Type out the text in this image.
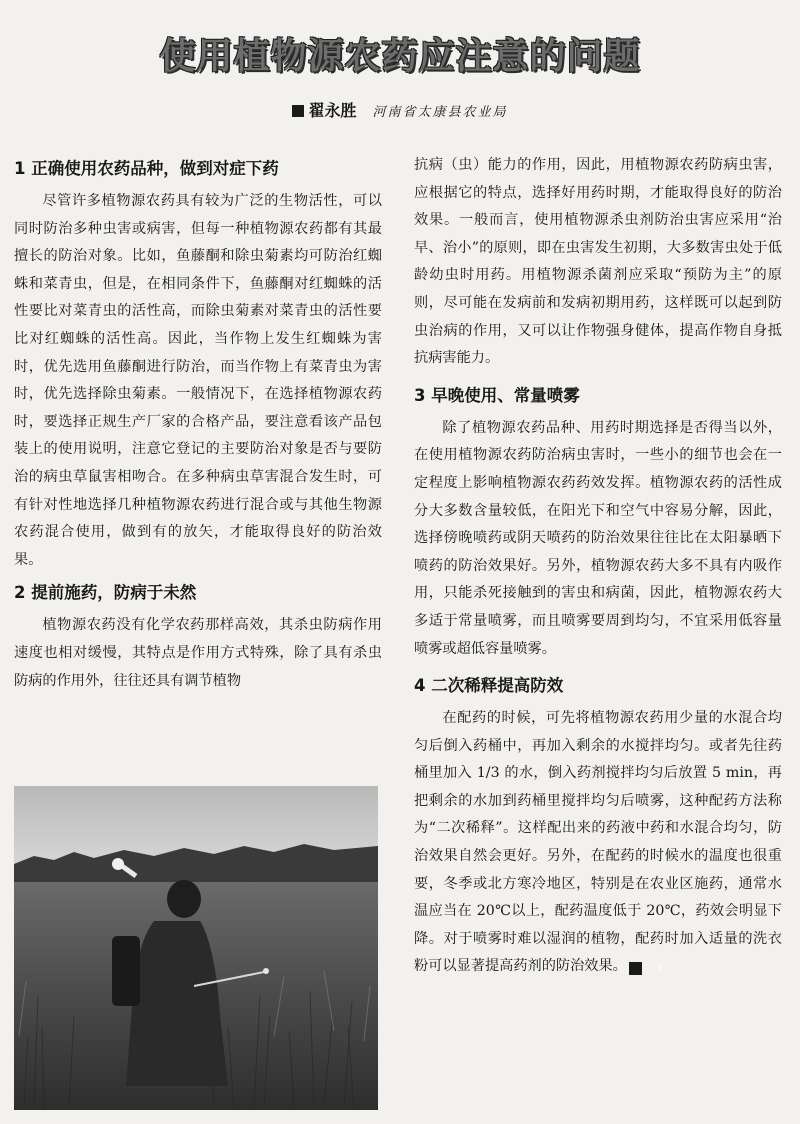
使用植物源农药应注意的问题
翟永胜 河南省太康县农业局
1 正确使用农药品种，做到对症下药

尽管许多植物源农药具有较为广泛的生物活性，可以同时防治多种虫害或病害，但每一种植物源农药都有其最擅长的防治对象。比如，鱼藤酮和除虫菊素均可防治红蜘蛛和菜青虫，但是，在相同条件下，鱼藤酮对红蜘蛛的活性要比对菜青虫的活性高，而除虫菊素对菜青虫的活性要比对红蜘蛛的活性高。因此，当作物上发生红蜘蛛为害时，优先选用鱼藤酮进行防治，而当作物上有菜青虫为害时，优先选择除虫菊素。一般情况下，在选择植物源农药时，要选择正规生产厂家的合格产品，要注意看该产品包装上的使用说明，注意它登记的主要防治对象是否与要防治的病虫草鼠害相吻合。在多种病虫草害混合发生时，可有针对性地选择几种植物源农药进行混合或与其他生物源农药混合使用，做到有的放矢，才能取得良好的防治效果。

2 提前施药，防病于未然

植物源农药没有化学农药那样高效，其杀虫防病作用速度也相对缓慢，其特点是作用方式特殊，除了具有杀虫防病的作用外，往往还具有调节植物

抗病（虫）能力的作用，因此，用植物源农药防病虫害，应根据它的特点，选择好用药时期，才能取得良好的防治效果。一般而言，使用植物源杀虫剂防治虫害应采用“治早、治小”的原则，即在虫害发生初期，大多数害虫处于低龄幼虫时用药。用植物源杀菌剂应采取“预防为主”的原则，尽可能在发病前和发病初期用药，这样既可以起到防虫治病的作用，又可以让作物强身健体，提高作物自身抵抗病害能力。

3 早晚使用、常量喷雾

除了植物源农药品种、用药时期选择是否得当以外，在使用植物源农药防治病虫害时，一些小的细节也会在一定程度上影响植物源农药药效发挥。植物源农药的活性成分大多数含量较低，在阳光下和空气中容易分解，因此，选择傍晚喷药或阴天喷药的防治效果往往比在太阳暴晒下喷药的防治效果好。另外，植物源农药大多不具有内吸作用，只能杀死接触到的害虫和病菌，因此，植物源农药大多适于常量喷雾，而且喷雾要周到均匀，不宜采用低容量喷雾或超低容量喷雾。

4 二次稀释提高防效

在配药的时候，可先将植物源农药用少量的水混合均匀后倒入药桶中，再加入剩余的水搅拌均匀。或者先往药桶里加入 1/3 的水，倒入药剂搅拌均匀后放置 5 min，再把剩余的水加到药桶里搅拌均匀后喷雾，这种配药方法称为“二次稀释”。这样配出来的药液中药和水混合均匀，防治效果自然会更好。另外，在配药的时候水的温度也很重要，冬季或北方寒冷地区，特别是在农业区施药，通常水温应当在 20℃以上，配药温度低于 20℃，药效会明显下降。对于喷雾时难以湿润的植物，配药时加入适量的洗衣粉可以显著提高药剂的防治效果。	K
